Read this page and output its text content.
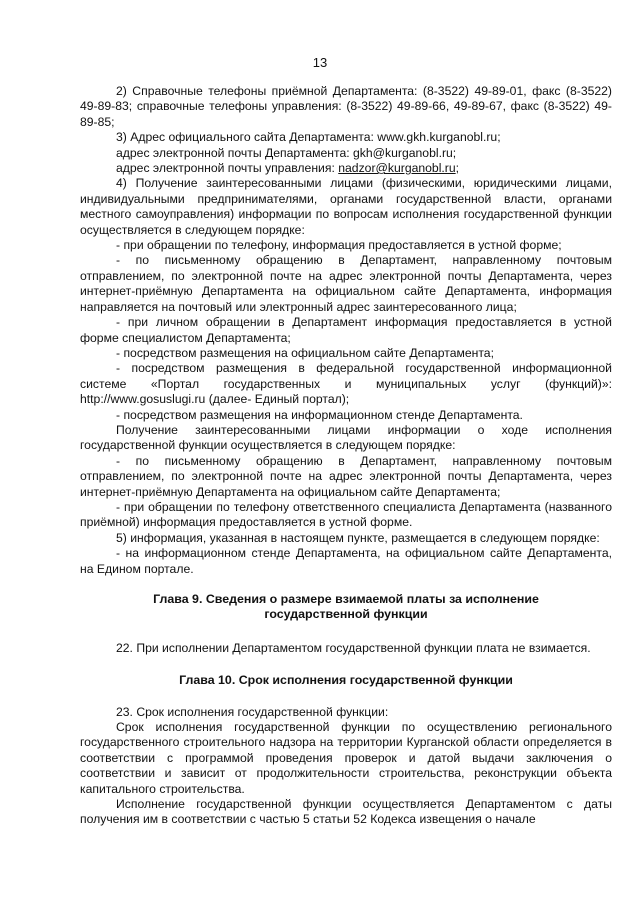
13

2) Справочные телефоны приёмной Департамента: (8-3522) 49-89-01, факс (8-3522) 49-89-83; справочные телефоны управления: (8-3522) 49-89-66, 49-89-67, факс (8-3522) 49-89-85;

3) Адрес официального сайта Департамента: www.gkh.kurganobl.ru;

адрес электронной почты Департамента: gkh@kurganobl.ru;

адрес электронной почты управления: nadzor@kurganobl.ru;

4) Получение заинтересованными лицами (физическими, юридическими лицами, индивидуальными предпринимателями, органами государственной власти, органами местного самоуправления) информации по вопросам исполнения государственной функции осуществляется в следующем порядке:

- при обращении по телефону, информация предоставляется в устной форме;

- по письменному обращению в Департамент, направленному почтовым отправлением, по электронной почте на адрес электронной почты Департамента, через интернет-приёмную Департамента на официальном сайте Департамента, информация направляется на почтовый или электронный адрес заинтересованного лица;

- при личном обращении в Департамент информация предоставляется в устной форме специалистом Департамента;

- посредством размещения на официальном сайте Департамента;

- посредством размещения в федеральной государственной информационной системе «Портал государственных и муниципальных услуг (функций)»: http://www.gosuslugi.ru (далее- Единый портал);

- посредством размещения на информационном стенде Департамента.

Получение заинтересованными лицами информации о ходе исполнения государственной функции осуществляется в следующем порядке:

- по письменному обращению в Департамент, направленному почтовым отправлением, по электронной почте на адрес электронной почты Департамента, через интернет-приёмную Департамента на официальном сайте Департамента;

- при обращении по телефону ответственного специалиста Департамента (названного приёмной) информация предоставляется в устной форме.

5) информация, указанная в настоящем пункте, размещается в следующем порядке:

- на информационном стенде Департамента, на официальном сайте Департамента, на Едином портале.

Глава 9. Сведения о размере взимаемой платы за исполнение

государственной функции

22. При исполнении Департаментом государственной функции плата не взимается.

Глава 10. Срок исполнения государственной функции

23. Срок исполнения государственной функции:

Срок исполнения государственной функции по осуществлению регионального государственного строительного надзора на территории Курганской области определяется в соответствии с программой проведения проверок и датой выдачи заключения о соответствии и зависит от продолжительности строительства, реконструкции объекта капитального строительства.

Исполнение государственной функции осуществляется Департаментом с даты получения им в соответствии с частью 5 статьи 52 Кодекса извещения о начале
